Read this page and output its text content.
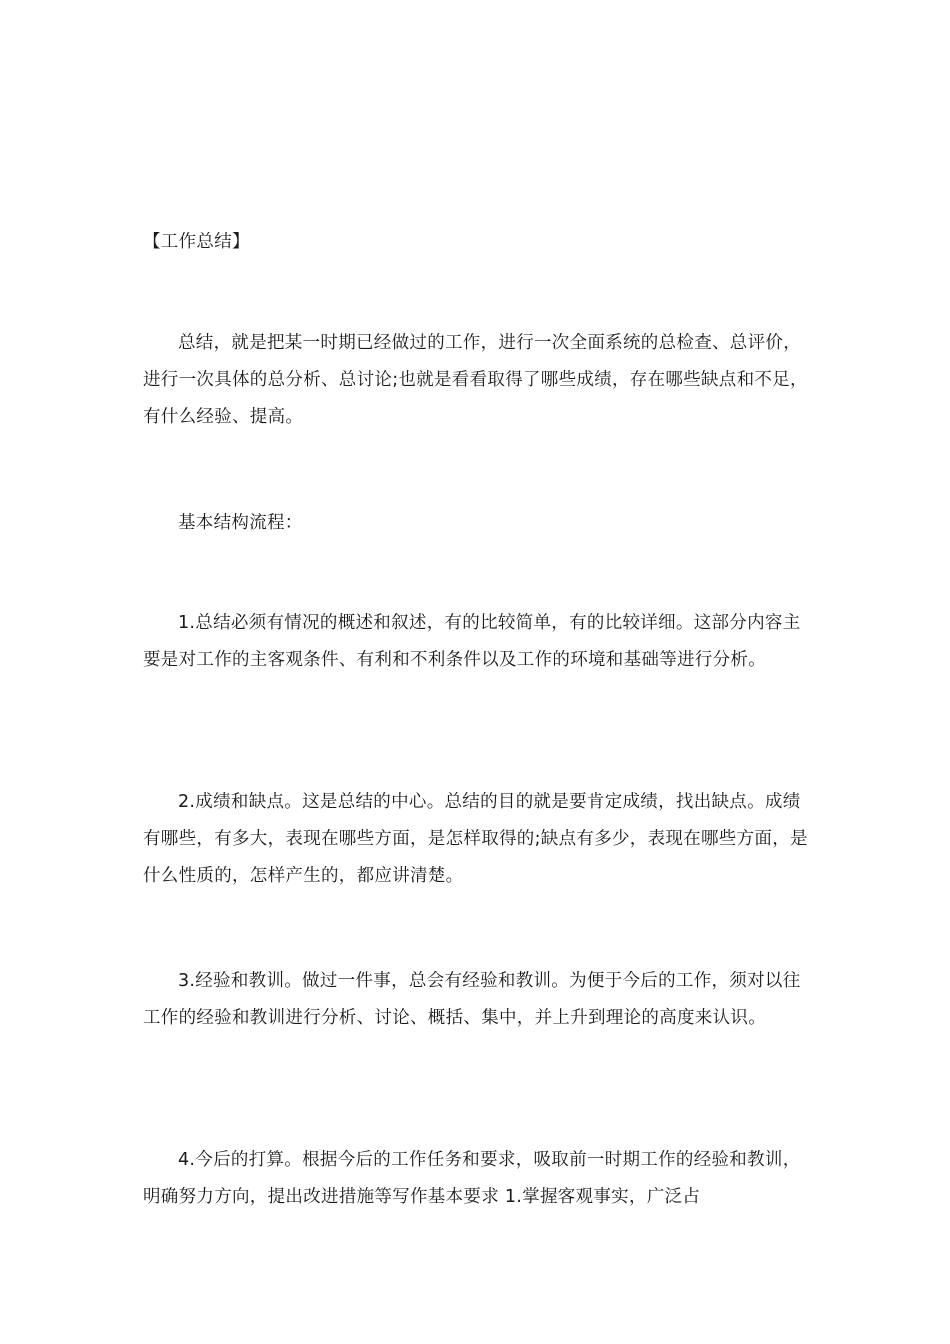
【工作总结】
总结，就是把某一时期已经做过的工作，进行一次全面系统的总检查、总评价，进行一次具体的总分析、总讨论;也就是看看取得了哪些成绩，存在哪些缺点和不足，有什么经验、提高。
基本结构流程：
1.总结必须有情况的概述和叙述，有的比较简单，有的比较详细。这部分内容主要是对工作的主客观条件、有利和不利条件以及工作的环境和基础等进行分析。
2.成绩和缺点。这是总结的中心。总结的目的就是要肯定成绩，找出缺点。成绩有哪些，有多大，表现在哪些方面，是怎样取得的;缺点有多少，表现在哪些方面，是什么性质的，怎样产生的，都应讲清楚。
3.经验和教训。做过一件事，总会有经验和教训。为便于今后的工作，须对以往工作的经验和教训进行分析、讨论、概括、集中，并上升到理论的高度来认识。
4.今后的打算。根据今后的工作任务和要求，吸取前一时期工作的经验和教训，明确努力方向，提出改进措施等写作基本要求 1.掌握客观事实，广泛占
